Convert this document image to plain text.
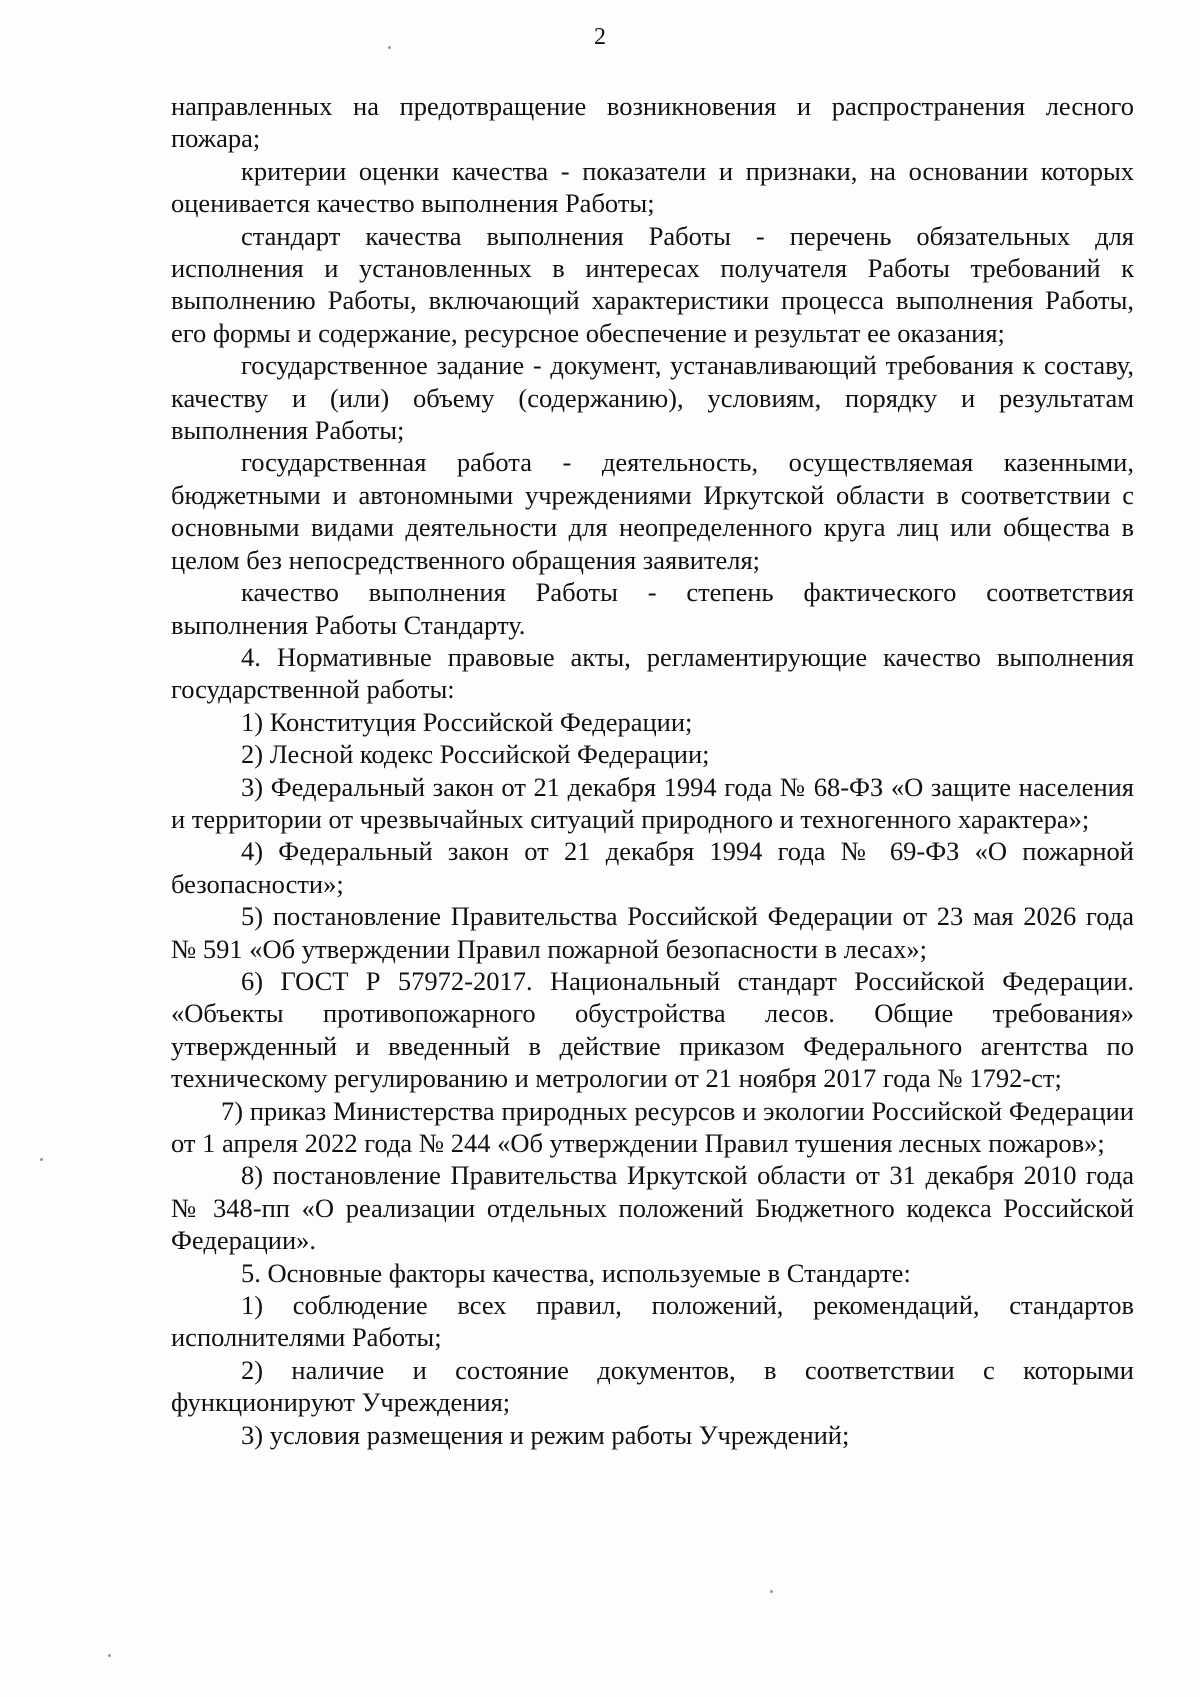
2

направленных на предотвращение возникновения и распространения лесного пожара;

критерии оценки качества - показатели и признаки, на основании которых оценивается качество выполнения Работы;

стандарт качества выполнения Работы - перечень обязательных для исполнения и установленных в интересах получателя Работы требований к выполнению Работы, включающий характеристики процесса выполнения Работы, его формы и содержание, ресурсное обеспечение и результат ее оказания;

государственное задание - документ, устанавливающий требования к составу, качеству и (или) объему (содержанию), условиям, порядку и результатам выполнения Работы;

государственная работа - деятельность, осуществляемая казенными, бюджетными и автономными учреждениями Иркутской области в соответствии с основными видами деятельности для неопределенного круга лиц или общества в целом без непосредственного обращения заявителя;

качество выполнения Работы - степень фактического соответствия выполнения Работы Стандарту.

4. Нормативные правовые акты, регламентирующие качество выполнения государственной работы:

1) Конституция Российской Федерации;

2) Лесной кодекс Российской Федерации;

3) Федеральный закон от 21 декабря 1994 года № 68-ФЗ «О защите населения и территории от чрезвычайных ситуаций природного и техногенного характера»;

4) Федеральный закон от 21 декабря 1994 года № 69-ФЗ «О пожарной безопасности»;

5) постановление Правительства Российской Федерации от 23 мая 2026 года № 591 «Об утверждении Правил пожарной безопасности в лесах»;

6) ГОСТ Р 57972-2017. Национальный стандарт Российской Федерации. «Объекты противопожарного обустройства лесов. Общие требования» утвержденный и введенный в действие приказом Федерального агентства по техническому регулированию и метрологии от 21 ноября 2017 года № 1792-ст;

7) приказ Министерства природных ресурсов и экологии Российской Федерации от 1 апреля 2022 года № 244 «Об утверждении Правил тушения лесных пожаров»;

8) постановление Правительства Иркутской области от 31 декабря 2010 года № 348-пп «О реализации отдельных положений Бюджетного кодекса Российской Федерации».

5. Основные факторы качества, используемые в Стандарте:

1) соблюдение всех правил, положений, рекомендаций, стандартов исполнителями Работы;

2) наличие и состояние документов, в соответствии с которыми функционируют Учреждения;

3) условия размещения и режим работы Учреждений;
